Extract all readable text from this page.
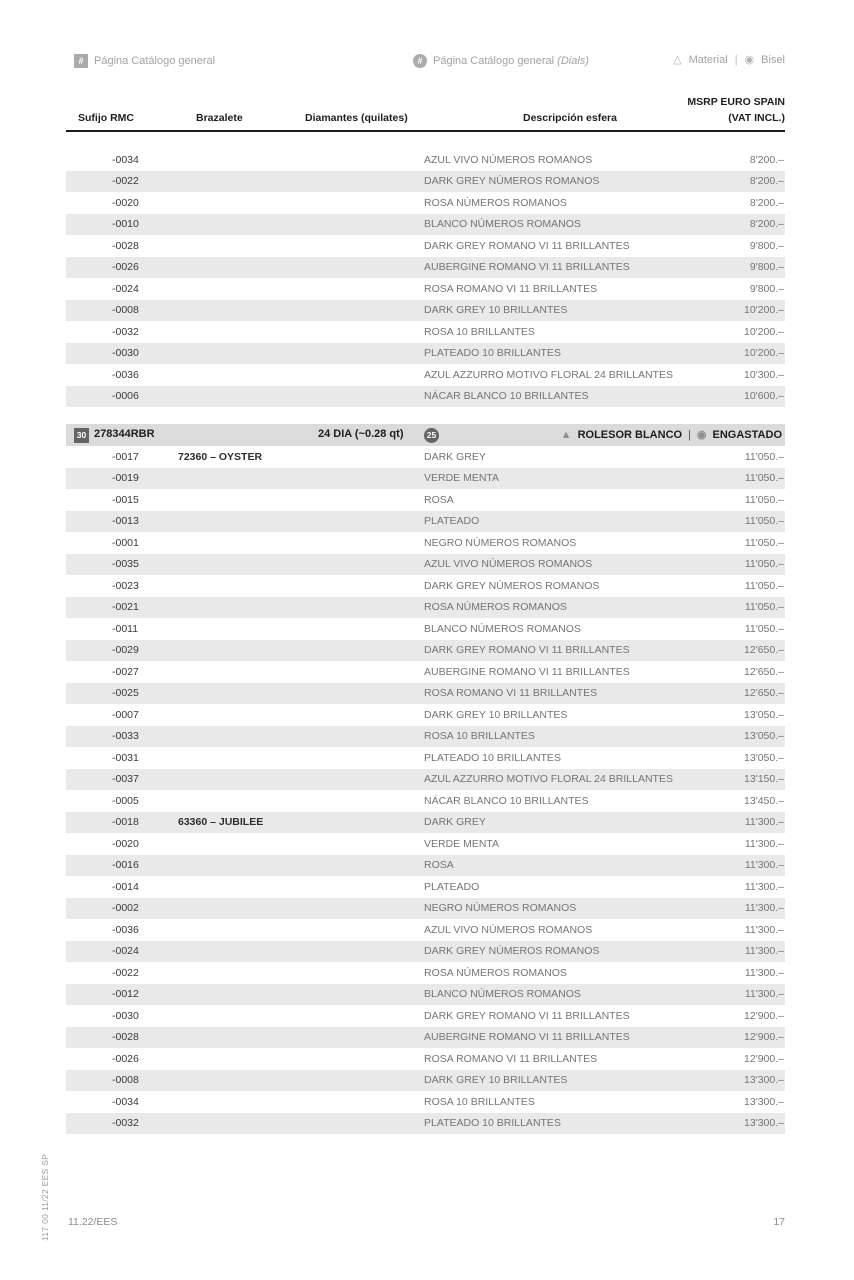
# Página Catálogo general	# Página Catálogo general (Dials)	△ Material | ◉ Bisel
Sufijo RMC	Brazalete	Diamantes (quilates)	Descripción esfera
MSRP EURO SPAIN
(VAT INCL.)
-0034	AZUL VIVO NÚMEROS ROMANOS	8'200.–
-0022	DARK GREY NÚMEROS ROMANOS	8'200.–
-0020	ROSA NÚMEROS ROMANOS	8'200.–
-0010	BLANCO NÚMEROS ROMANOS	8'200.–
-0028	DARK GREY ROMANO VI 11 BRILLANTES	9'800.–
-0026	AUBERGINE ROMANO VI 11 BRILLANTES	9'800.–
-0024	ROSA ROMANO VI 11 BRILLANTES	9'800.–
-0008	DARK GREY 10 BRILLANTES	10'200.–
-0032	ROSA 10 BRILLANTES	10'200.–
-0030	PLATEADO 10 BRILLANTES	10'200.–
-0036	AZUL AZZURRO MOTIVO FLORAL 24 BRILLANTES	10'300.–
-0006	NÁCAR BLANCO 10 BRILLANTES	10'600.–
30 278344RBR	24 DIA (~0.28 qt)	25	▲ ROLESOR BLANCO | ◉ ENGASTADO
-0017	72360 – OYSTER	DARK GREY	11'050.–
-0019	VERDE MENTA	11'050.–
-0015	ROSA	11'050.–
-0013	PLATEADO	11'050.–
-0001	NEGRO NÚMEROS ROMANOS	11'050.–
-0035	AZUL VIVO NÚMEROS ROMANOS	11'050.–
-0023	DARK GREY NÚMEROS ROMANOS	11'050.–
-0021	ROSA NÚMEROS ROMANOS	11'050.–
-0011	BLANCO NÚMEROS ROMANOS	11'050.–
-0029	DARK GREY ROMANO VI 11 BRILLANTES	12'650.–
-0027	AUBERGINE ROMANO VI 11 BRILLANTES	12'650.–
-0025	ROSA ROMANO VI 11 BRILLANTES	12'650.–
-0007	DARK GREY 10 BRILLANTES	13'050.–
-0033	ROSA 10 BRILLANTES	13'050.–
-0031	PLATEADO 10 BRILLANTES	13'050.–
-0037	AZUL AZZURRO MOTIVO FLORAL 24 BRILLANTES	13'150.–
-0005	NÁCAR BLANCO 10 BRILLANTES	13'450.–
-0018	63360 – JUBILEE	DARK GREY	11'300.–
-0020	VERDE MENTA	11'300.–
-0016	ROSA	11'300.–
-0014	PLATEADO	11'300.–
-0002	NEGRO NÚMEROS ROMANOS	11'300.–
-0036	AZUL VIVO NÚMEROS ROMANOS	11'300.–
-0024	DARK GREY NÚMEROS ROMANOS	11'300.–
-0022	ROSA NÚMEROS ROMANOS	11'300.–
-0012	BLANCO NÚMEROS ROMANOS	11'300.–
-0030	DARK GREY ROMANO VI 11 BRILLANTES	12'900.–
-0028	AUBERGINE ROMANO VI 11 BRILLANTES	12'900.–
-0026	ROSA ROMANO VI 11 BRILLANTES	12'900.–
-0008	DARK GREY 10 BRILLANTES	13'300.–
-0034	ROSA 10 BRILLANTES	13'300.–
-0032	PLATEADO 10 BRILLANTES	13'300.–
117 00 11/22 EES SP 11.22/EES	17
